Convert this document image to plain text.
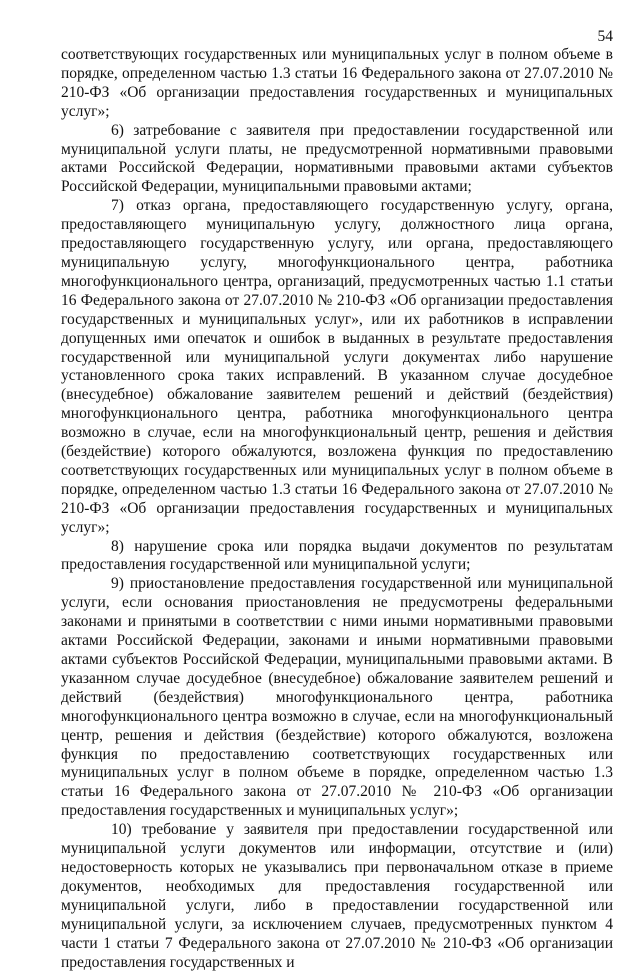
54

соответствующих государственных или муниципальных услуг в полном объеме в порядке, определенном частью 1.3 статьи 16 Федерального закона от 27.07.2010 № 210-ФЗ «Об организации предоставления государственных и муниципальных услуг»;

6) затребование с заявителя при предоставлении государственной или муниципальной услуги платы, не предусмотренной нормативными правовыми актами Российской Федерации, нормативными правовыми актами субъектов Российской Федерации, муниципальными правовыми актами;

7) отказ органа, предоставляющего государственную услугу, органа, предоставляющего муниципальную услугу, должностного лица органа, предоставляющего государственную услугу, или органа, предоставляющего муниципальную услугу, многофункционального центра, работника многофункционального центра, организаций, предусмотренных частью 1.1 статьи 16 Федерального закона от 27.07.2010 № 210-ФЗ «Об организации предоставления государственных и муниципальных услуг», или их работников в исправлении допущенных ими опечаток и ошибок в выданных в результате предоставления государственной или муниципальной услуги документах либо нарушение установленного срока таких исправлений. В указанном случае досудебное (внесудебное) обжалование заявителем решений и действий (бездействия) многофункционального центра, работника многофункционального центра возможно в случае, если на многофункциональный центр, решения и действия (бездействие) которого обжалуются, возложена функция по предоставлению соответствующих государственных или муниципальных услуг в полном объеме в порядке, определенном частью 1.3 статьи 16 Федерального закона от 27.07.2010 № 210-ФЗ «Об организации предоставления государственных и муниципальных услуг»;

8) нарушение срока или порядка выдачи документов по результатам предоставления государственной или муниципальной услуги;

9) приостановление предоставления государственной или муниципальной услуги, если основания приостановления не предусмотрены федеральными законами и принятыми в соответствии с ними иными нормативными правовыми актами Российской Федерации, законами и иными нормативными правовыми актами субъектов Российской Федерации, муниципальными правовыми актами. В указанном случае досудебное (внесудебное) обжалование заявителем решений и действий (бездействия) многофункционального центра, работника многофункционального центра возможно в случае, если на многофункциональный центр, решения и действия (бездействие) которого обжалуются, возложена функция по предоставлению соответствующих государственных или муниципальных услуг в полном объеме в порядке, определенном частью 1.3 статьи 16 Федерального закона от 27.07.2010 № 210-ФЗ «Об организации предоставления государственных и муниципальных услуг»;

10) требование у заявителя при предоставлении государственной или муниципальной услуги документов или информации, отсутствие и (или) недостоверность которых не указывались при первоначальном отказе в приеме документов, необходимых для предоставления государственной или муниципальной услуги, либо в предоставлении государственной или муниципальной услуги, за исключением случаев, предусмотренных пунктом 4 части 1 статьи 7 Федерального закона от 27.07.2010 № 210-ФЗ «Об организации предоставления государственных и
